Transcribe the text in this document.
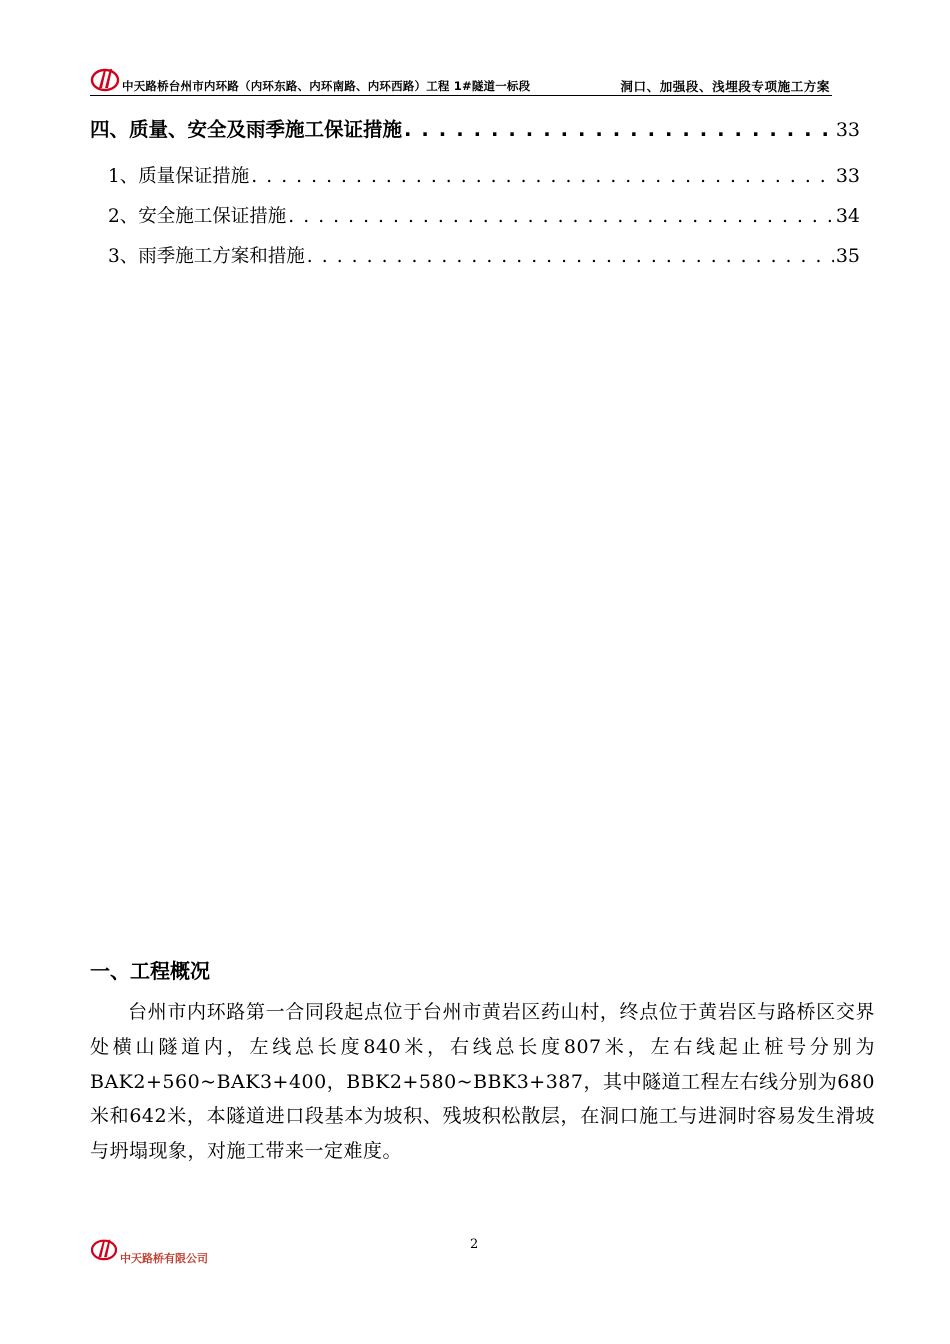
中天路桥台州市内环路（内环东路、内环南路、内环西路）工程 1#隧道一标段	洞口、加强段、浅埋段专项施工方案
四、质量、安全及雨季施工保证措施 . . .	33
1、质量保证措施 . . .	33
2、安全施工保证措施 . . .	34
3、雨季施工方案和措施 . . .	35
一、工程概况

台州市内环路第一合同段起点位于台州市黄岩区药山村，终点位于黄岩区与路桥区交界处横山隧道内，左线总长度840米，右线总长度807米，左右线起止桩号分别为BAK2+560~BAK3+400，BBK2+580~BBK3+387，其中隧道工程左右线分别为680米和642米，本隧道进口段基本为坡积、残坡积松散层，在洞口施工与进洞时容易发生滑坡与坍塌现象，对施工带来一定难度。

中天路桥有限公司
2
